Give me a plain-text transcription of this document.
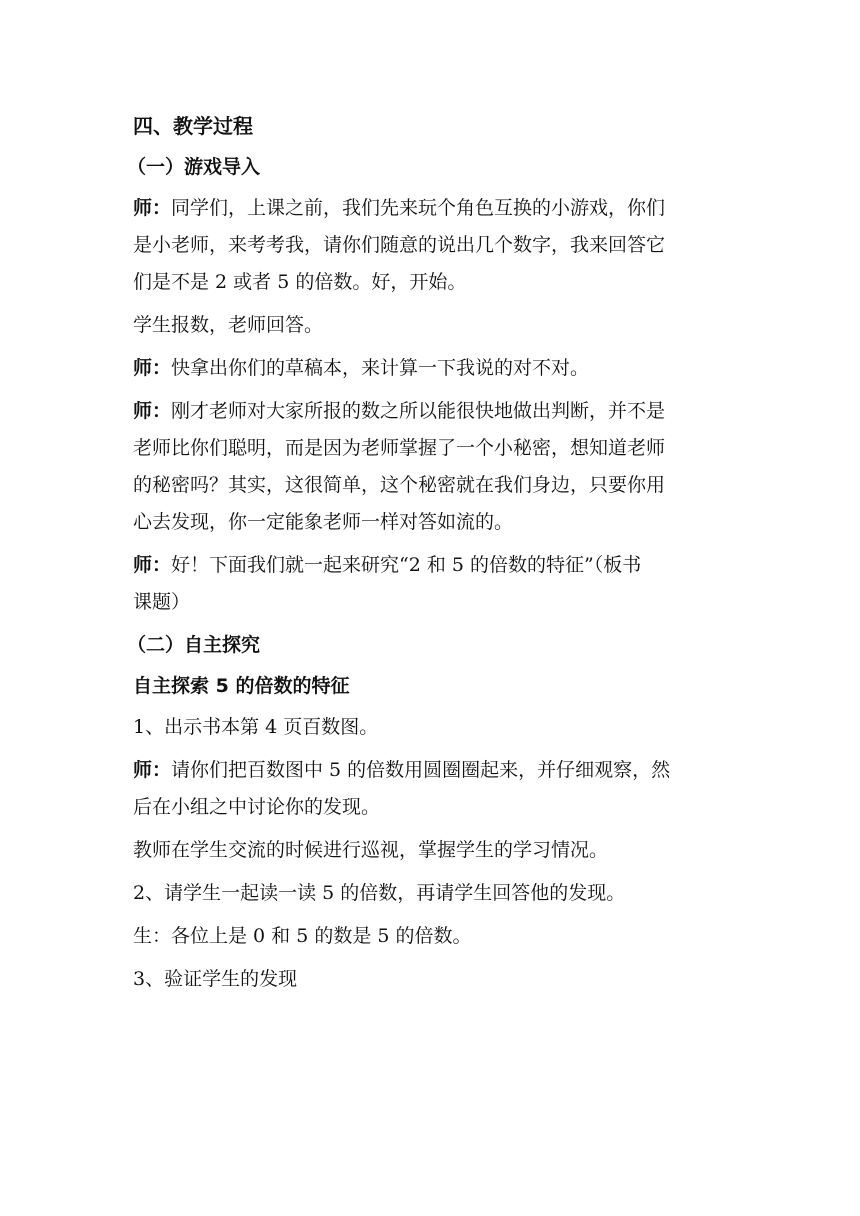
四、教学过程

（一）游戏导入

师：同学们，上课之前，我们先来玩个角色互换的小游戏，你们

是小老师，来考考我，请你们随意的说出几个数字，我来回答它

们是不是 2 或者 5 的倍数。好，开始。

学生报数，老师回答。

师：快拿出你们的草稿本，来计算一下我说的对不对。

师：刚才老师对大家所报的数之所以能很快地做出判断，并不是

老师比你们聪明，而是因为老师掌握了一个小秘密，想知道老师

的秘密吗？其实，这很简单，这个秘密就在我们身边，只要你用

心去发现，你一定能象老师一样对答如流的。

师：好！下面我们就一起来研究“2 和 5 的倍数的特征”（板书

课题）

（二）自主探究

自主探索 5 的倍数的特征

1、出示书本第 4 页百数图。

师：请你们把百数图中 5 的倍数用圆圈圈起来，并仔细观察，然

后在小组之中讨论你的发现。

教师在学生交流的时候进行巡视，掌握学生的学习情况。

2、请学生一起读一读 5 的倍数，再请学生回答他的发现。

生：各位上是 0 和 5 的数是 5 的倍数。

3、验证学生的发现
